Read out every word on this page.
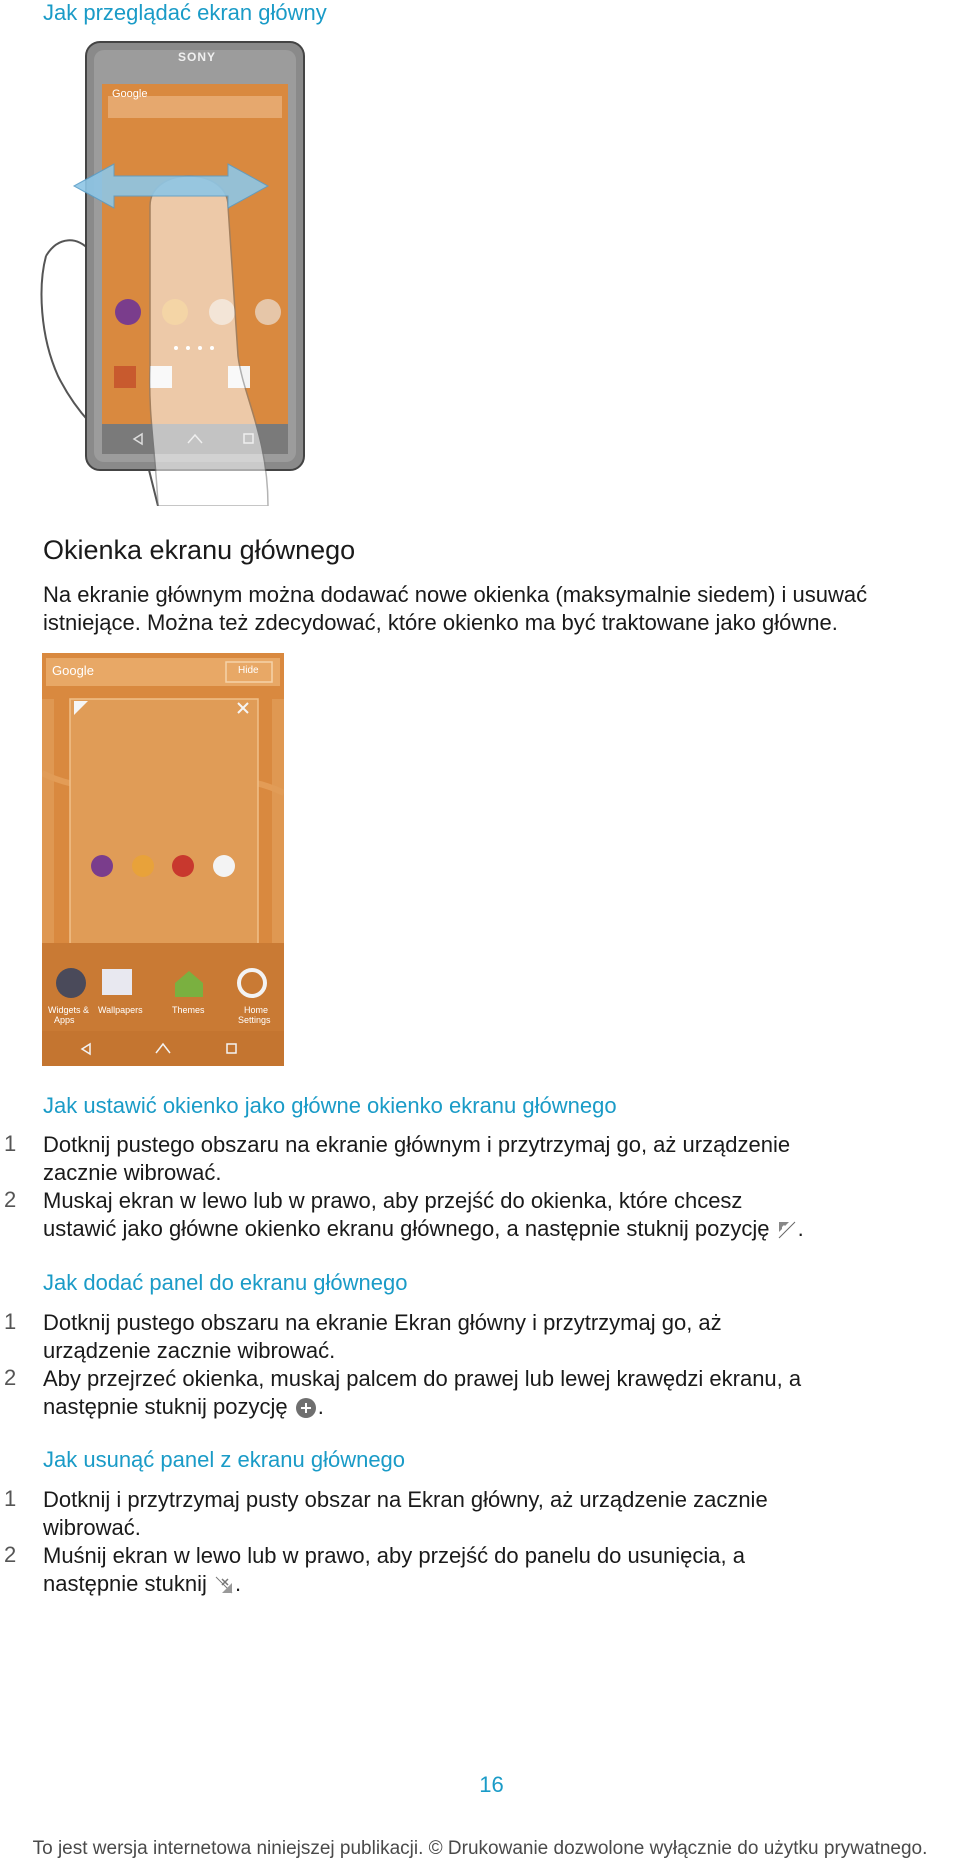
Jak przeglądać ekran główny
SONY
Google
Okienka ekranu głównego
Na ekranie głównym można dodawać nowe okienka (maksymalnie siedem) i usuwać
istniejące. Można też zdecydować, które okienko ma być traktowane jako główne.
Google	Hide
Widgets &
Apps
Wallpapers	Themes	Home
Settings
Jak ustawić okienko jako główne okienko ekranu głównego
1 Dotknij pustego obszaru na ekranie głównym i przytrzymaj go, aż urządzenie
zacznie wibrować.
2 Muskaj ekran w lewo lub w prawo, aby przejść do okienka, które chcesz
ustawić jako główne okienko ekranu głównego, a następnie stuknij pozycję .
Jak dodać panel do ekranu głównego
1 Dotknij pustego obszaru na ekranie Ekran główny i przytrzymaj go, aż
urządzenie zacznie wibrować.
2 Aby przejrzeć okienka, muskaj palcem do prawej lub lewej krawędzi ekranu, a
następnie stuknij pozycję .
Jak usunąć panel z ekranu głównego
1 Dotknij i przytrzymaj pusty obszar na Ekran główny, aż urządzenie zacznie
wibrować.
2 Muśnij ekran w lewo lub w prawo, aby przejść do panelu do usunięcia, a
następnie stuknij .
16
To jest wersja internetowa niniejszej publikacji. © Drukowanie dozwolone wyłącznie do użytku prywatnego.
